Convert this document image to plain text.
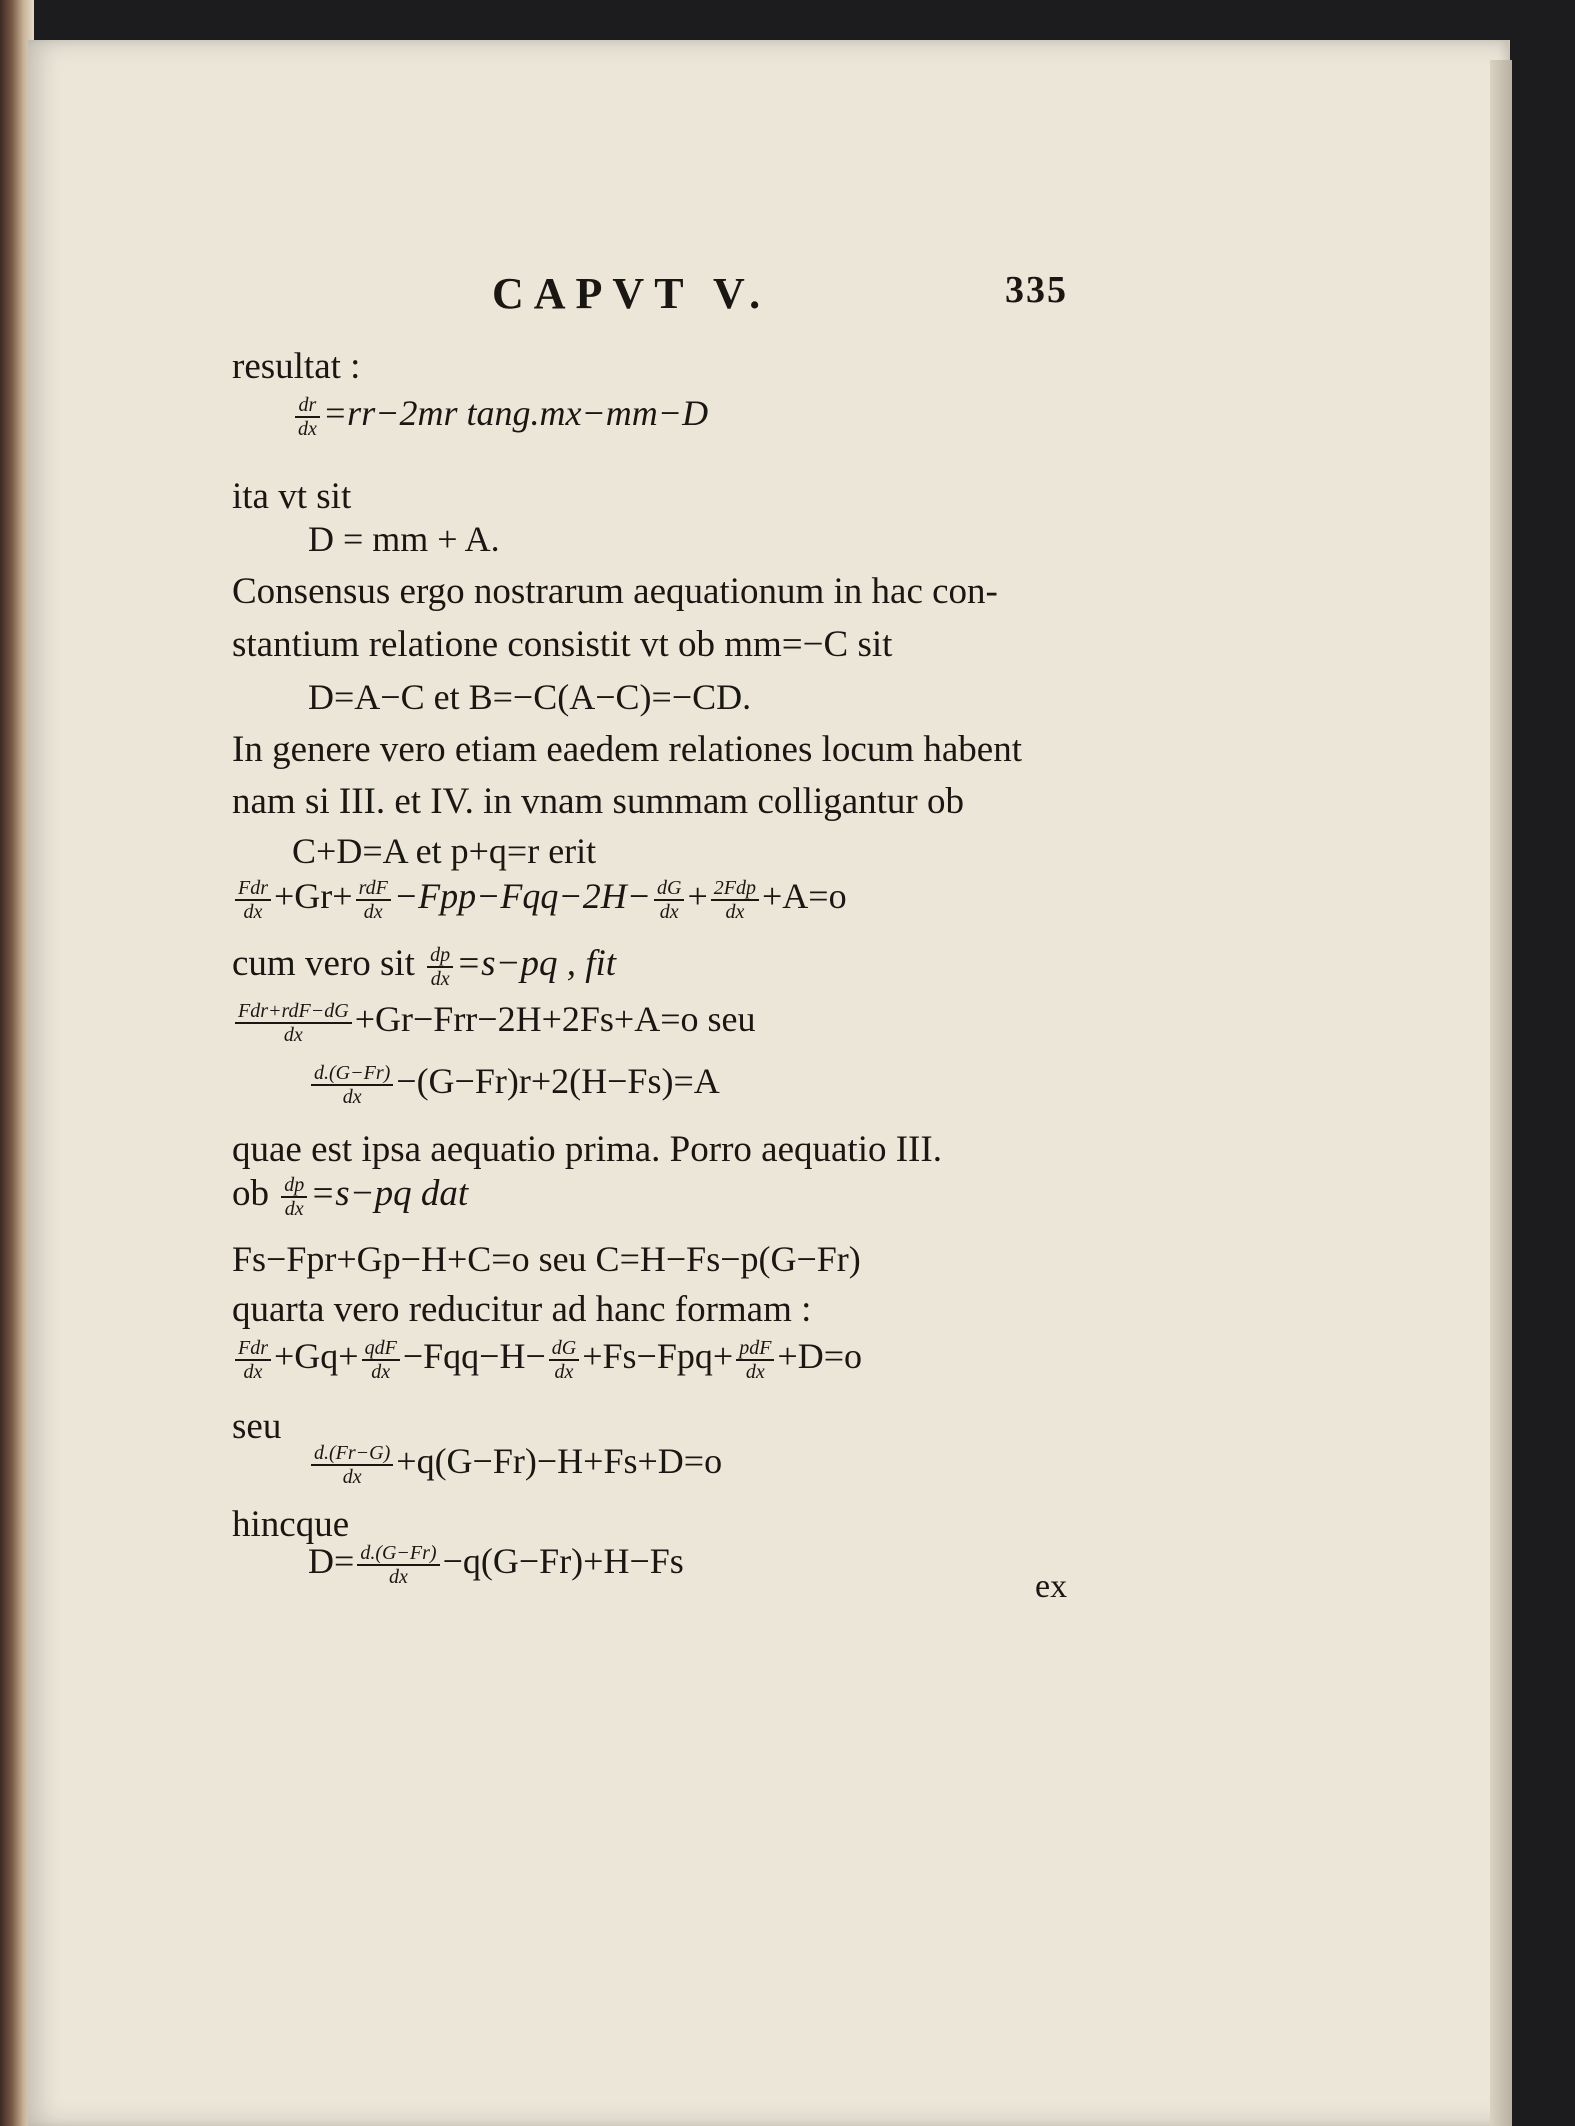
CAPVT V.	335
resultat :
$\frac{dr}{dx} =rr-2mr$ tang.mx−mm−D
ita vt sit
D = mm + A.
Consensus ergo nostrarum aequationum in hac con-
stantium relatione consistit vt ob mm=−C sit
D=A−C et B=−C(A−C)=−CD.
In genere vero etiam eaedem relationes locum habent
nam si III. et IV. in vnam summam colligantur ob
C+D=A et p+q=r erit
$\frac{\text{Fdr}}{dx} +Gr+ \frac{\text{rdF}}{dx} -Fpp-Fqq-2H- \frac{dG}{dx} + \frac{\text{2Fdp}}{dx} +A=o$
cum vero sit $\frac{dp}{dx} =s-pq$ , fit
$\frac{\text{Fdr+rdF−dG}}{dx} +Gr-Frr-2H+2Fs+A=o$ seu
$\frac{d.(G-Fr)}{dx} -(G-Fr)r+2(H-Fs)=A$
quae est ipsa aequatio prima. Porro aequatio III.
ob $\frac{dp}{dx} =s-pq$ dat
Fs−Fpr+Gp−H+C=o seu C=H−Fs−p(G−Fr)
quarta vero reducitur ad hanc formam :
$\frac{\text{Fdr}}{dx} +Gq+ \frac{\text{qdF}}{dx} -Fqq-H- \frac{dG}{dx} +Fs-Fpq+ \frac{\text{pdF}}{dx} +D=o$
seu
$\frac{d.(Fr-G)}{dx} +q(G-Fr)-H+Fs+D=o$
hincque
$D= \frac{d.(G-Fr)}{dx} -q(G-Fr)+H-Fs$
ex
